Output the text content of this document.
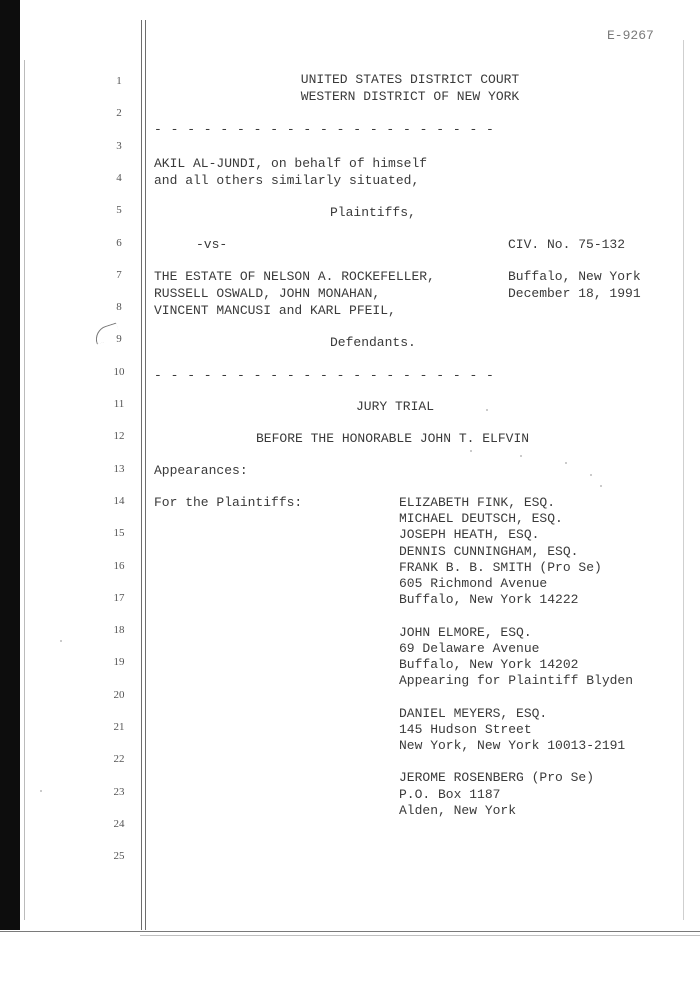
E-9267
1
2
3
4
5
6
7
8
9
10
11
12
13
14
15
16
17
18
19
20
21
22
23
24
25
UNITED STATES DISTRICT COURT
WESTERN DISTRICT OF NEW YORK
- - - - - - - - - - - - - - - - - - - - -
AKIL AL-JUNDI, on behalf of himself
and all others similarly situated,
Plaintiffs,
-vs-	CIV. No. 75-132
THE ESTATE OF NELSON A. ROCKEFELLER,
RUSSELL OSWALD, JOHN MONAHAN,
VINCENT MANCUSI and KARL PFEIL,
Buffalo, New York
December 18, 1991
Defendants.
- - - - - - - - - - - - - - - - - - - - -
JURY TRIAL
BEFORE THE HONORABLE JOHN T. ELFVIN
Appearances:
For the Plaintiffs:	ELIZABETH FINK, ESQ.
MICHAEL DEUTSCH, ESQ.
JOSEPH HEATH, ESQ.
DENNIS CUNNINGHAM, ESQ.
FRANK B. B. SMITH (Pro Se)
605 Richmond Avenue
Buffalo, New York 14222
JOHN ELMORE, ESQ.
69 Delaware Avenue
Buffalo, New York 14202
Appearing for Plaintiff Blyden
DANIEL MEYERS, ESQ.
145 Hudson Street
New York, New York 10013-2191
JEROME ROSENBERG (Pro Se)
P.O. Box 1187
Alden, New York
